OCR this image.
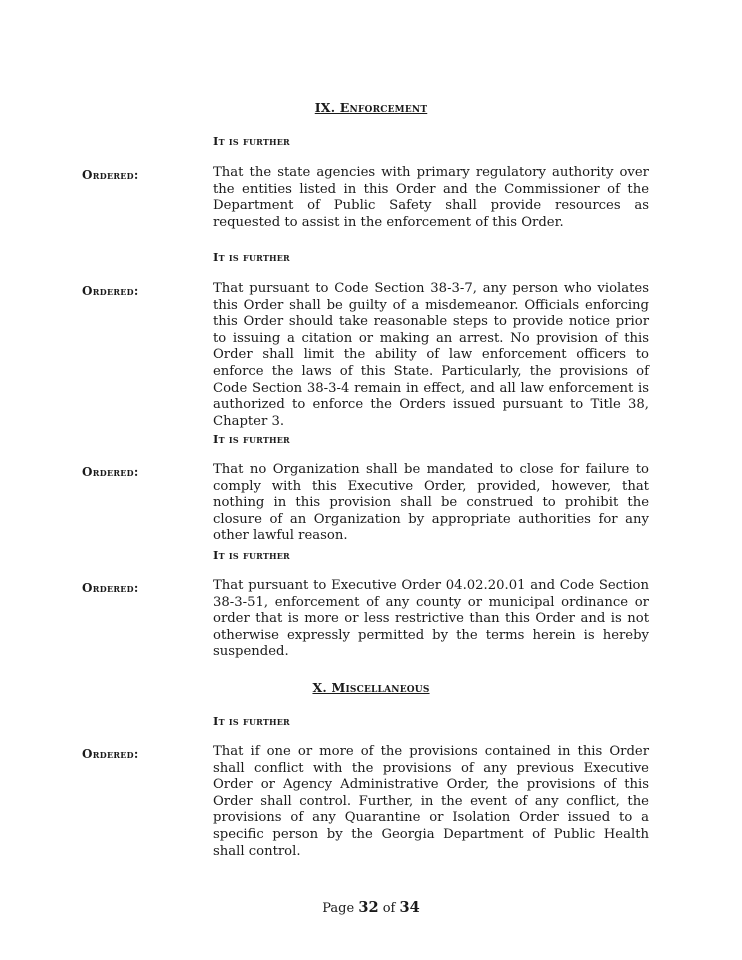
IX. Enforcement
It is further
Ordered:	That the state agencies with primary regulatory authority over the entities listed in this Order and the Commissioner of the Department of Public Safety shall provide resources as requested to assist in the enforcement of this Order.

It is further
Ordered:	That pursuant to Code Section 38-3-7, any person who violates this Order shall be guilty of a misdemeanor. Officials enforcing this Order should take reasonable steps to provide notice prior to issuing a citation or making an arrest. No provision of this Order shall limit the ability of law enforcement officers to enforce the laws of this State. Particularly, the provisions of Code Section 38-3-4 remain in effect, and all law enforcement is authorized to enforce the Orders issued pursuant to Title 38, Chapter 3.

It is further
Ordered:	That no Organization shall be mandated to close for failure to comply with this Executive Order, provided, however, that nothing in this provision shall be construed to prohibit the closure of an Organization by appropriate authorities for any other lawful reason.

It is further
Ordered:	That pursuant to Executive Order 04.02.20.01 and Code Section 38-3-51, enforcement of any county or municipal ordinance or order that is more or less restrictive than this Order and is not otherwise expressly permitted by the terms herein is hereby suspended.

X. Miscellaneous
It is further
Ordered:	That if one or more of the provisions contained in this Order shall conflict with the provisions of any previous Executive Order or Agency Administrative Order, the provisions of this Order shall control. Further, in the event of any conflict, the provisions of any Quarantine or Isolation Order issued to a specific person by the Georgia Department of Public Health shall control.

Page 32 of 34
